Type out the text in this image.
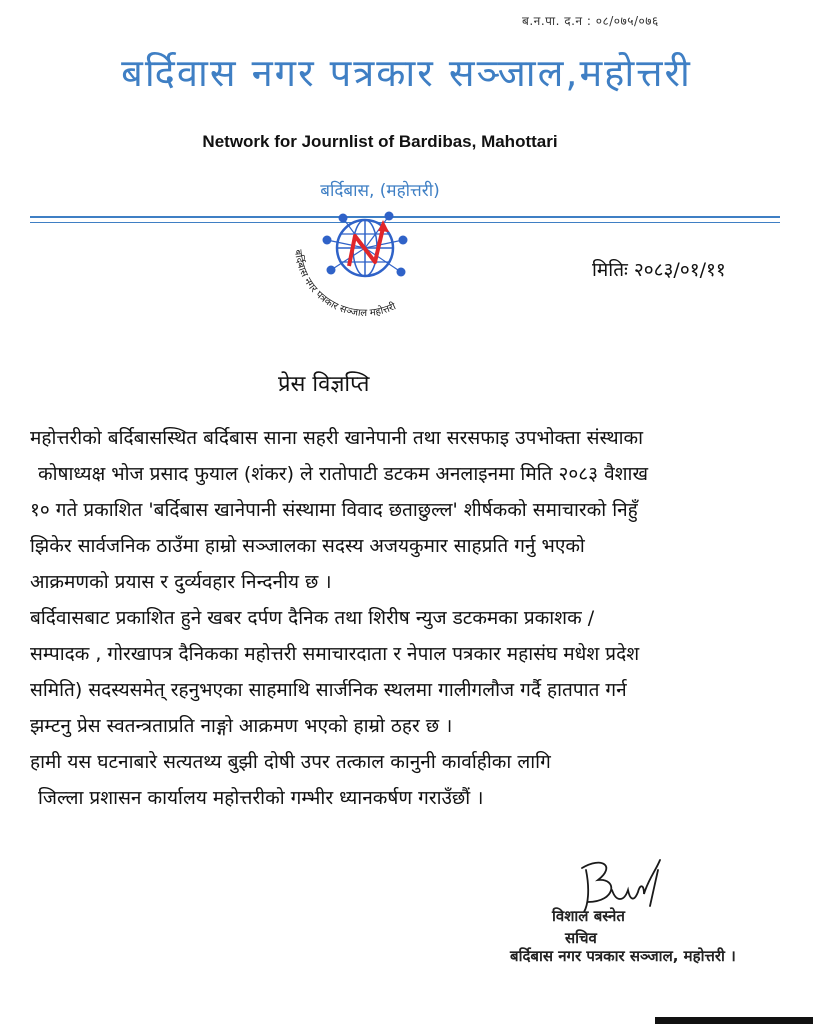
ब.न.पा. द.न : ०८/०७५/०७६
बर्दिवास नगर पत्रकार सञ्जाल,महोत्तरी
Network for Journlist of Bardibas, Mahottari
बर्दिबास, (महोत्तरी)
बर्दिबास नगर पत्रकार सञ्जाल महोत्तरी
मितिः २०८३/०१/११
प्रेस विज्ञप्ति
महोत्तरीको बर्दिबासस्थित बर्दिबास साना सहरी खानेपानी तथा सरसफाइ उपभोक्ता संस्थाका
कोषाध्यक्ष भोज प्रसाद फुयाल (शंकर) ले रातोपाटी डटकम अनलाइनमा मिति २०८३ वैशाख
१० गते प्रकाशित 'बर्दिबास खानेपानी संस्थामा विवाद छताछुल्ल' शीर्षकको समाचारको निहुँ
झिकेर सार्वजनिक ठाउँमा हाम्रो सञ्जालका सदस्य अजयकुमार साहप्रति गर्नु भएको
आक्रमणको प्रयास र दुर्व्यवहार निन्दनीय छ ।
बर्दिवासबाट प्रकाशित हुने खबर दर्पण दैनिक तथा शिरीष न्युज डटकमका प्रकाशक /
सम्पादक , गोरखापत्र दैनिकका महोत्तरी समाचारदाता र नेपाल पत्रकार महासंघ मधेश प्रदेश
समिति) सदस्यसमेत् रहनुभएका साहमाथि सार्जनिक स्थलमा गालीगलौज गर्दै हातपात गर्न
झम्टनु प्रेस स्वतन्त्रताप्रति नाङ्गो आक्रमण भएको हाम्रो ठहर छ ।
हामी यस घटनाबारे सत्यतथ्य बुझी दोषी उपर तत्काल कानुनी कार्वाहीका लागि
जिल्ला प्रशासन कार्यालय महोत्तरीको गम्भीर ध्यानकर्षण गराउँछौं ।
विशाल बस्नेत
सचिव
बर्दिबास नगर पत्रकार सञ्जाल, महोत्तरी ।
